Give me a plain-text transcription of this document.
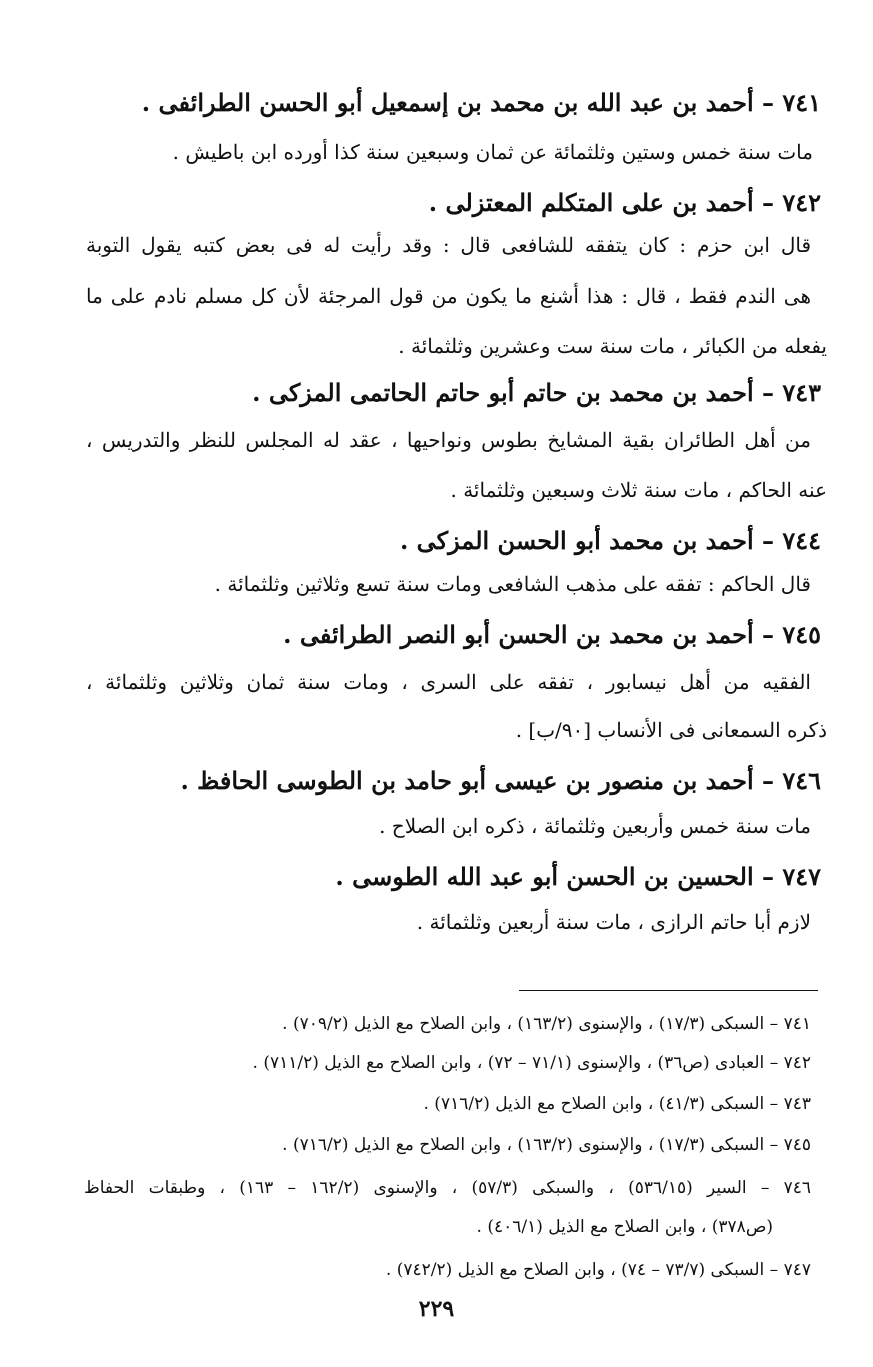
٧٤١ – أحمد بن عبد الله بن محمد بن إسمعيل أبو الحسن الطرائفى .
مات سنة خمس وستين وثلثمائة عن ثمان وسبعين سنة كذا أورده ابن باطيش .
٧٤٢ – أحمد بن على المتكلم المعتزلى .
قال ابن حزم : كان يتفقه للشافعى قال : وقد رأيت له فى بعض كتبه يقول التوبة
هى الندم فقط ، قال : هذا أشنع ما يكون من قول المرجئة لأن كل مسلم نادم على ما
يفعله من الكبائر ، مات سنة ست وعشرين وثلثمائة .
٧٤٣ – أحمد بن محمد بن حاتم أبو حاتم الحاتمى المزكى .
من أهل الطائران بقية المشايخ بطوس ونواحيها ، عقد له المجلس للنظر والتدريس ،
عنه الحاكم ، مات سنة ثلاث وسبعين وثلثمائة .
٧٤٤ – أحمد بن محمد أبو الحسن المزكى .
قال الحاكم : تفقه على مذهب الشافعى ومات سنة تسع وثلاثين وثلثمائة .
٧٤٥ – أحمد بن محمد بن الحسن أبو النصر الطرائفى .
الفقيه من أهل نيسابور ، تفقه على السرى ، ومات سنة ثمان وثلاثين وثلثمائة ،
ذكره السمعانى فى الأنساب [٩٠/ب] .
٧٤٦ – أحمد بن منصور بن عيسى أبو حامد بن الطوسى الحافظ .
مات سنة خمس وأربعين وثلثمائة ، ذكره ابن الصلاح .
٧٤٧ – الحسين بن الحسن أبو عبد الله الطوسى .
لازم أبا حاتم الرازى ، مات سنة أربعين وثلثمائة .
٧٤١ – السبكى (١٧/٣) ، والإسنوى (١٦٣/٢) ، وابن الصلاح مع الذيل (٧٠٩/٢) .
٧٤٢ – العبادى (ص٣٦) ، والإسنوى (٧١/١ – ٧٢) ، وابن الصلاح مع الذيل (٧١١/٢) .
٧٤٣ – السبكى (٤١/٣) ، وابن الصلاح مع الذيل (٧١٦/٢) .
٧٤٥ – السبكى (١٧/٣) ، والإسنوى (١٦٣/٢) ، وابن الصلاح مع الذيل (٧١٦/٢) .
٧٤٦ – السير (٥٣٦/١٥) ، والسبكى (٥٧/٣) ، والإسنوى (١٦٢/٢ – ١٦٣) ، وطبقات الحفاظ
(ص٣٧٨) ، وابن الصلاح مع الذيل (٤٠٦/١) .
٧٤٧ – السبكى (٧٣/٧ – ٧٤) ، وابن الصلاح مع الذيل (٧٤٢/٢) .
٢٢٩
